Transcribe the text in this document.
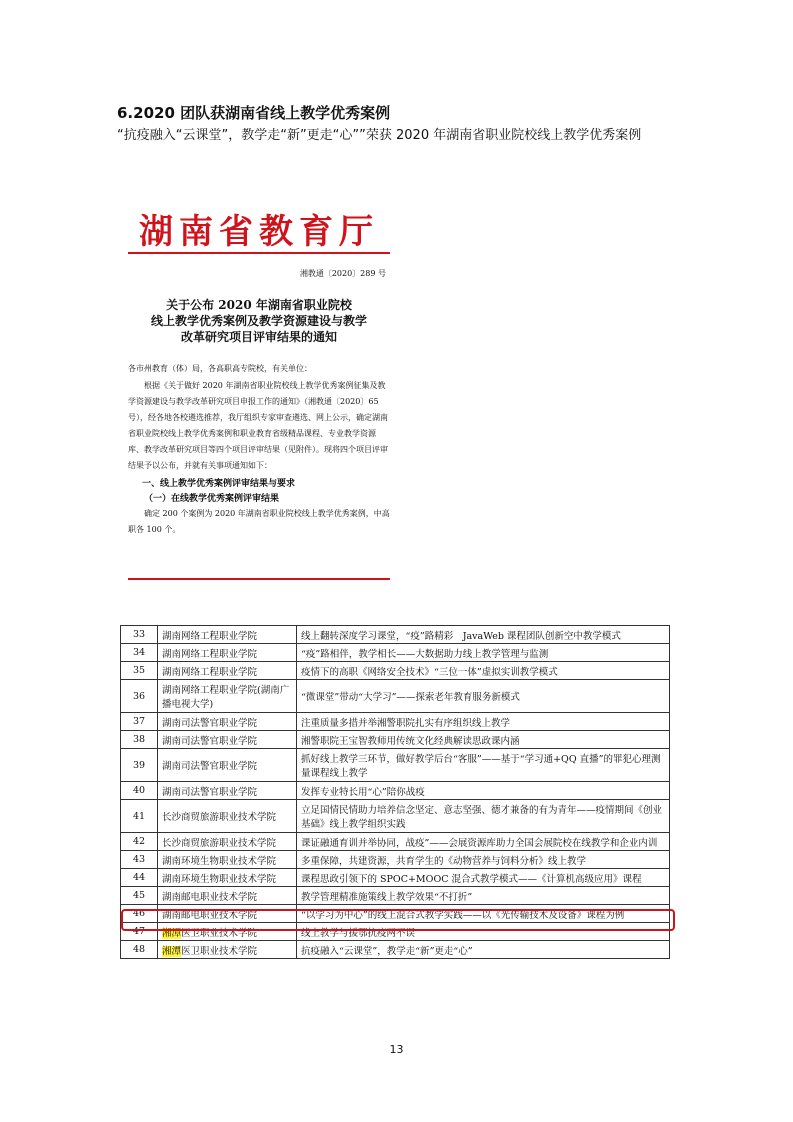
6.2020 团队获湖南省线上教学优秀案例
“抗疫融入“云课堂”，教学走“新”更走“心””荣获 2020 年湖南省职业院校线上教学优秀案例
湖南省教育厅
湘教通〔2020〕289 号
关于公布 2020 年湖南省职业院校
线上教学优秀案例及教学资源建设与教学
改革研究项目评审结果的通知
各市州教育（体）局，各高职高专院校，有关单位：
根据《关于做好 2020 年湖南省职业院校线上教学优秀案例征集及教学资源建设与教学改革研究项目申报工作的通知》（湘教通〔2020〕65 号），经各地各校遴选推荐，我厅组织专家审查遴选、网上公示，确定湖南省职业院校线上教学优秀案例和职业教育省级精品课程、专业教学资源库、教学改革研究项目等四个项目评审结果（见附件）。现将四个项目评审结果予以公布，并就有关事项通知如下：
一、线上教学优秀案例评审结果与要求
（一）在线教学优秀案例评审结果
确定 200 个案例为 2020 年湖南省职业院校线上教学优秀案例，中高职各 100 个。
33	湖南网络工程职业学院	线上翻转深度学习课堂，“疫”路精彩　JavaWeb 课程团队创新空中教学模式
34	湖南网络工程职业学院	“疫”路相伴，教学相长——大数据助力线上教学管理与监测
35	湖南网络工程职业学院	疫情下的高职《网络安全技术》“三位一体”虚拟实训教学模式
36	湖南网络工程职业学院(湖南广播电视大学)	“微课堂”带动“大学习”——探索老年教育服务新模式
37	湖南司法警官职业学院	注重质量多措并举湘警职院扎实有序组织线上教学
38	湖南司法警官职业学院	湘警职院王宝智教师用传统文化经典解读思政课内涵
39	湖南司法警官职业学院	抓好线上教学三环节，做好教学后台“客服”——基于“学习通+QQ 直播”的罪犯心理测量课程线上教学
40	湖南司法警官职业学院	发挥专业特长用“心”陪你战疫
41	长沙商贸旅游职业技术学院	立足国情民情助力培养信念坚定、意志坚强、德才兼备的有为青年——疫情期间《创业基础》线上教学组织实践
42	长沙商贸旅游职业技术学院	课证融通育训并举协同，战疫”——会展资源库助力全国会展院校在线教学和企业内训
43	湖南环境生物职业技术学院	多重保障，共建资源，共育学生的《动物营养与饲料分析》线上教学
44	湖南环境生物职业技术学院	课程思政引领下的 SPOC+MOOC 混合式教学模式——《计算机高级应用》课程
45	湖南邮电职业技术学院	教学管理精准施策线上教学效果“不打折”
46	湖南邮电职业技术学院	“以学习为中心”的线上混合式教学实践——以《光传输技术及设备》课程为例
47	湘潭医卫职业技术学院	线上教学与援鄂抗疫两不误
48	湘潭医卫职业技术学院	抗疫融入“云课堂”，教学走“新”更走“心”
13
